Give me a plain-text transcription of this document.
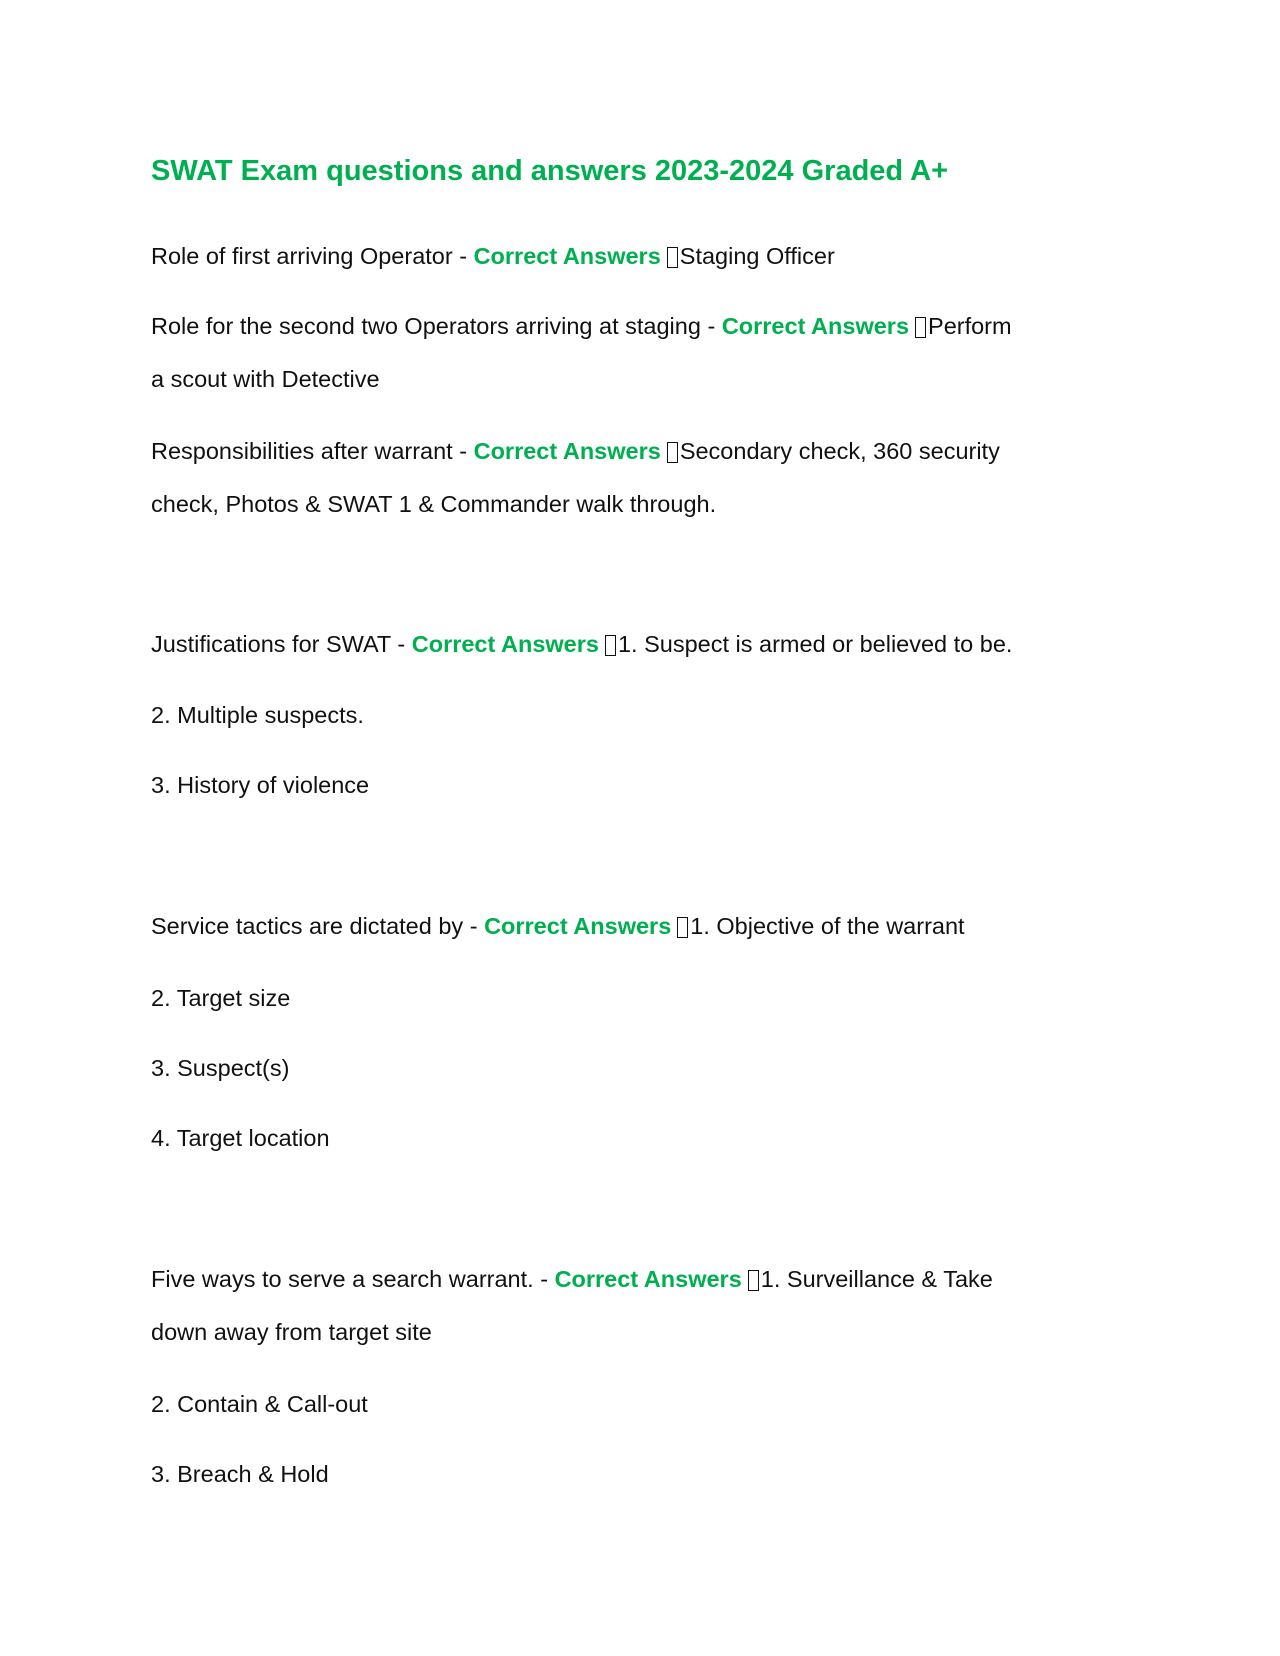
SWAT Exam questions and answers 2023-2024 Graded A+
Role of first arriving Operator - Correct Answers Staging Officer
Role for the second two Operators arriving at staging - Correct Answers Perform
a scout with Detective
Responsibilities after warrant - Correct Answers Secondary check, 360 security
check, Photos & SWAT 1 & Commander walk through.
Justifications for SWAT - Correct Answers 1. Suspect is armed or believed to be.
2. Multiple suspects.
3. History of violence
Service tactics are dictated by - Correct Answers 1. Objective of the warrant
2. Target size
3. Suspect(s)
4. Target location
Five ways to serve a search warrant. - Correct Answers 1. Surveillance & Take
down away from target site
2. Contain & Call-out
3. Breach & Hold
